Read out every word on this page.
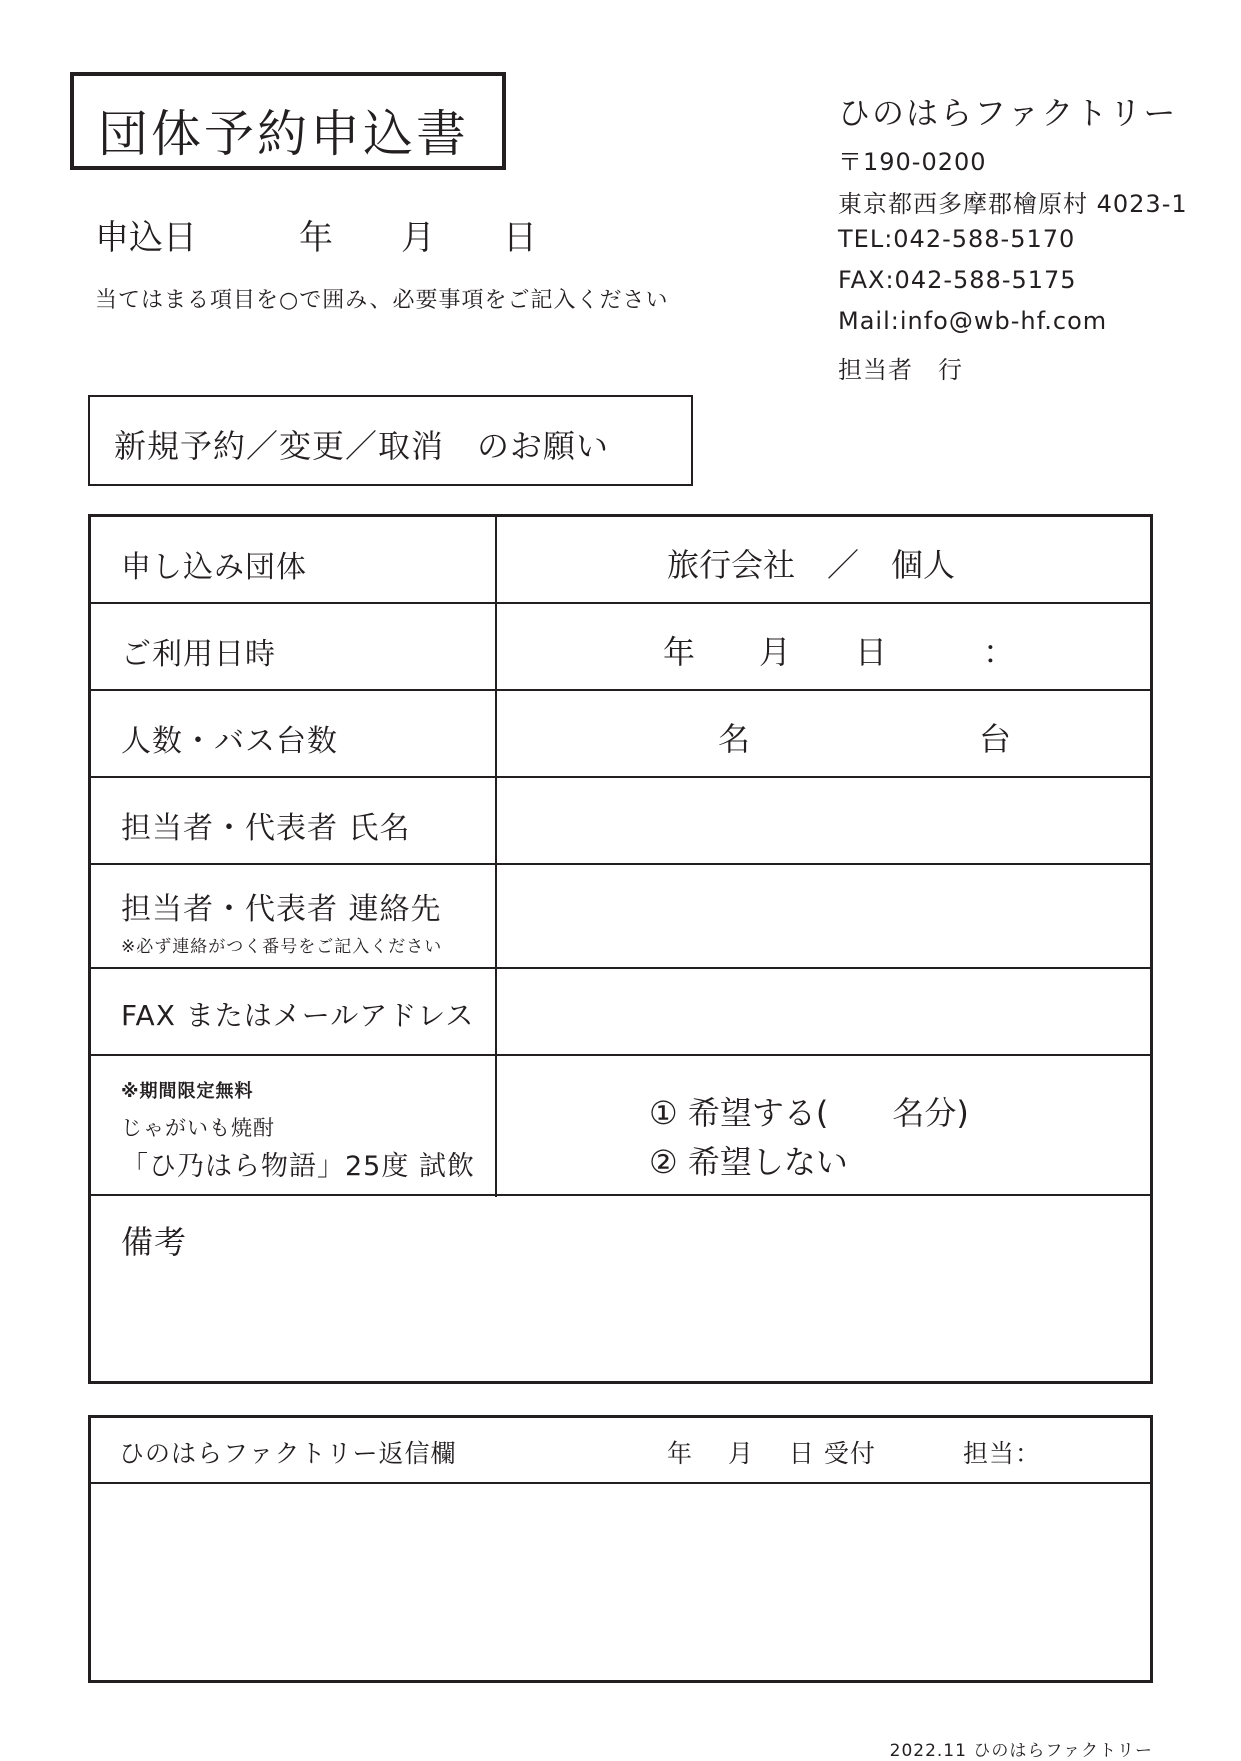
団体予約申込書
申込日　　　年　　月　　日
当てはまる項目を○で囲み、必要事項をご記入ください
ひのはらファクトリー
〒190-0200
東京都西多摩郡檜原村 4023-1
TEL:042-588-5170
FAX:042-588-5175
Mail:info@wb-hf.com
担当者　行
新規予約／変更／取消　のお願い
申し込み団体	旅行会社　／　個人
ご利用日時	年　　月　　日　　　：
人数・バス台数	名	台
担当者・代表者 氏名
担当者・代表者 連絡先
※必ず連絡がつく番号をご記入ください
FAX またはメールアドレス
※期間限定無料
じゃがいも焼酎
「ひ乃はら物語」25度 試飲
① 希望する(　　名分)
② 希望しない
備考
ひのはらファクトリー返信欄	年　 月　 日 受付	担当：
2022.11 ひのはらファクトリー
